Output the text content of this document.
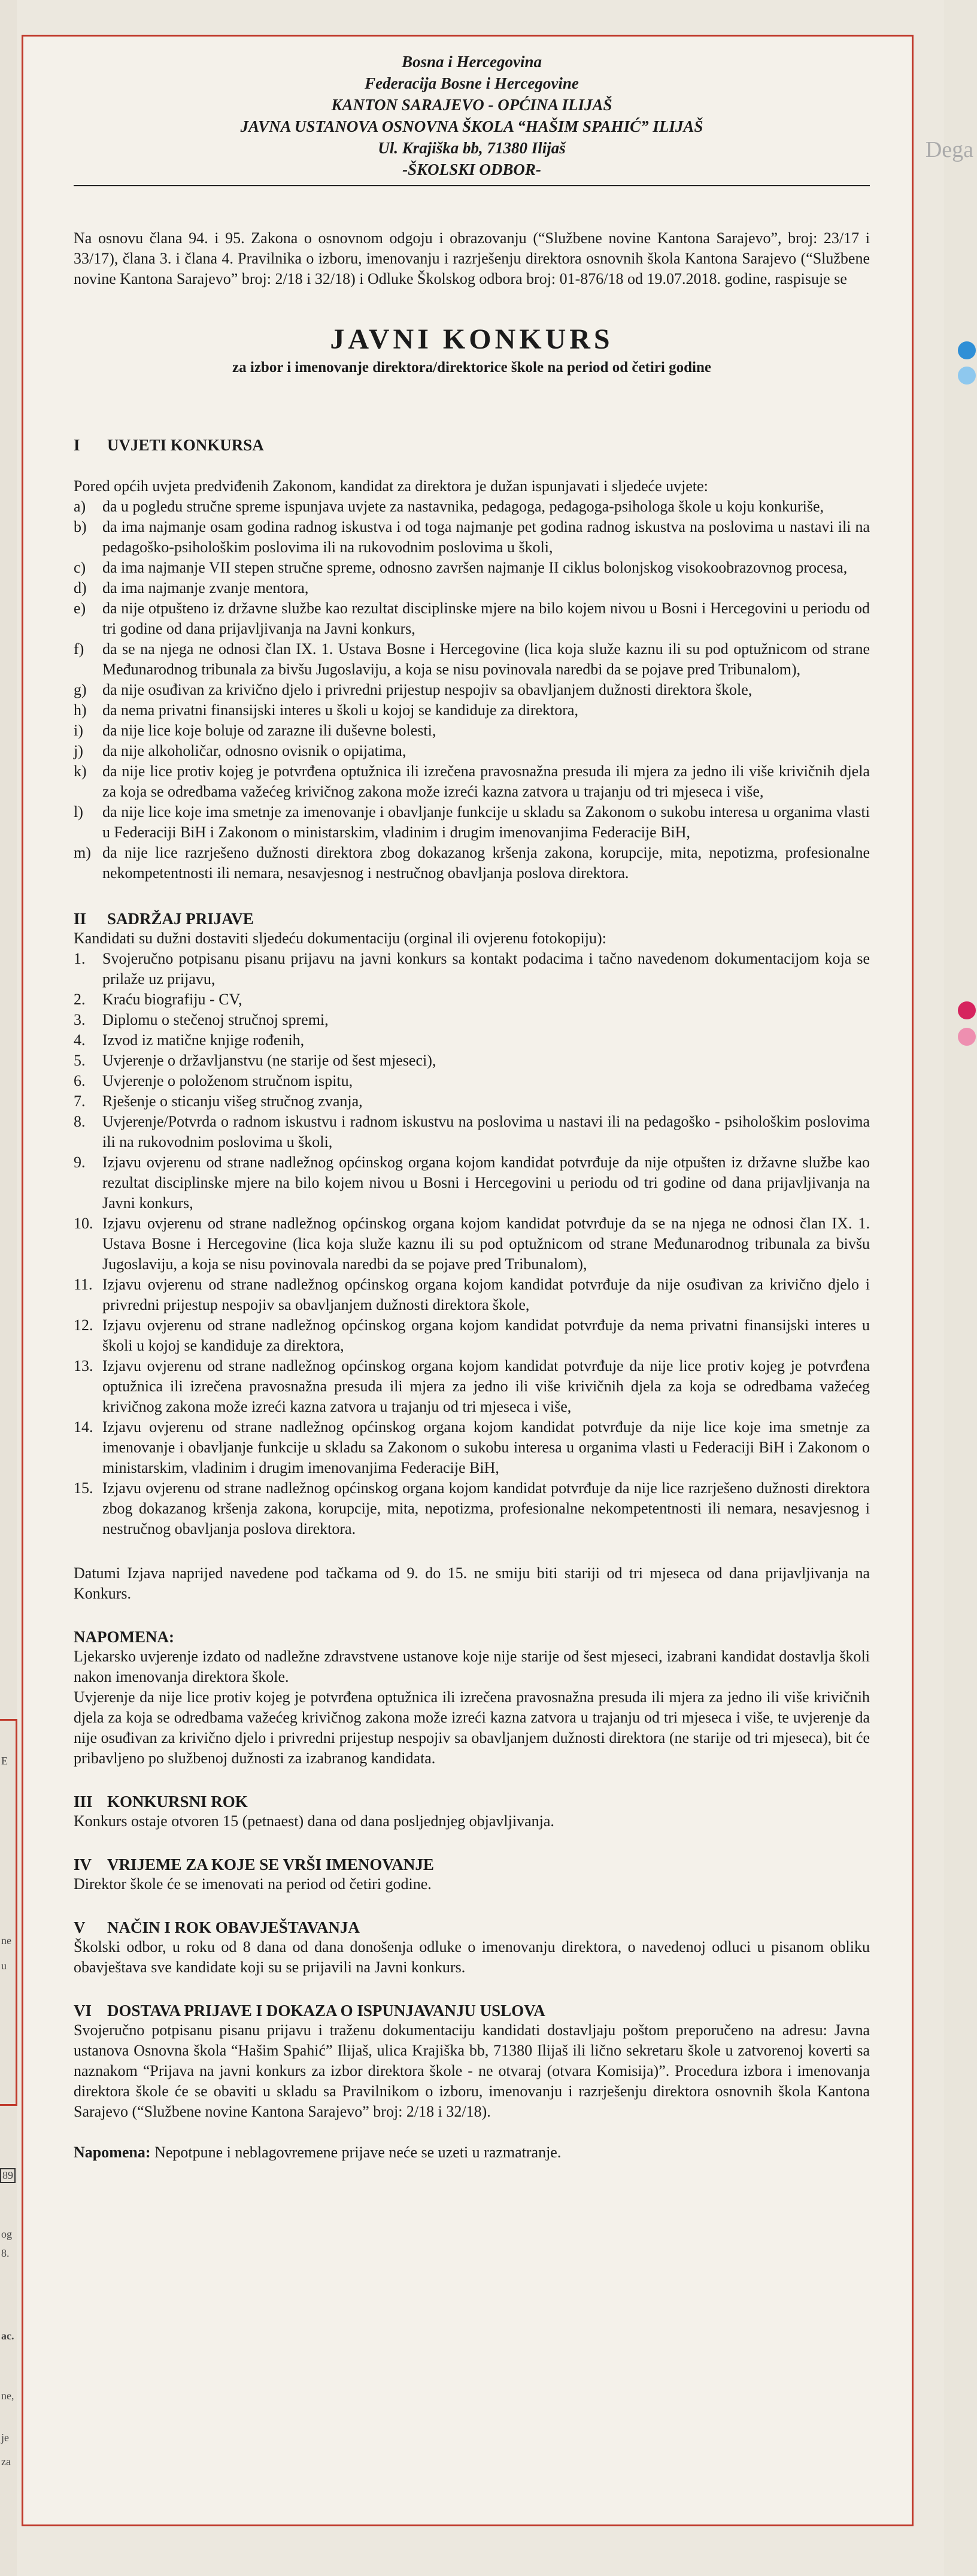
Dega
E
ne
u
89
og
8.
ac.
ne,
je
za
Bosna i Hercegovina
Federacija Bosne i Hercegovine
KANTON SARAJEVO - OPĆINA ILIJAŠ
JAVNA USTANOVA OSNOVNA ŠKOLA “HAŠIM SPAHIĆ” ILIJAŠ
Ul. Krajiška bb, 71380 Ilijaš
-ŠKOLSKI ODBOR-
Na osnovu člana 94. i 95. Zakona o osnovnom odgoju i obrazovanju (“Službene novine Kantona Sarajevo”, broj: 23/17 i 33/17), člana 3. i člana 4. Pravilnika o izboru, imenovanju i razrješenju direktora osnovnih škola Kantona Sarajevo (“Službene novine Kantona Sarajevo” broj: 2/18 i 32/18) i Odluke Školskog odbora broj: 01-876/18 od 19.07.2018. godine, raspisuje se
JAVNI KONKURS
za izbor i imenovanje direktora/direktorice škole na period od četiri godine
I UVJETI KONKURSA
Pored općih uvjeta predviđenih Zakonom, kandidat za direktora je dužan ispunjavati i sljedeće uvjete:
a) da u pogledu stručne spreme ispunjava uvjete za nastavnika, pedagoga, pedagoga-psihologa škole u koju konkuriše,
b) da ima najmanje osam godina radnog iskustva i od toga najmanje pet godina radnog iskustva na poslovima u nastavi ili na pedagoško-psihološkim poslovima ili na rukovodnim poslovima u školi,
c) da ima najmanje VII stepen stručne spreme, odnosno završen najmanje II ciklus bolonjskog visokoobrazovnog procesa,
d) da ima najmanje zvanje mentora,
e) da nije otpušteno iz državne službe kao rezultat disciplinske mjere na bilo kojem nivou u Bosni i Hercegovini u periodu od tri godine od dana prijavljivanja na Javni konkurs,
f) da se na njega ne odnosi član IX. 1. Ustava Bosne i Hercegovine (lica koja služe kaznu ili su pod optužnicom od strane Međunarodnog tribunala za bivšu Jugoslaviju, a koja se nisu povinovala naredbi da se pojave pred Tribunalom),
g) da nije osuđivan za krivično djelo i privredni prijestup nespojiv sa obavljanjem dužnosti direktora škole,
h) da nema privatni finansijski interes u školi u kojoj se kandiduje za direktora,
i) da nije lice koje boluje od zarazne ili duševne bolesti,
j) da nije alkoholičar, odnosno ovisnik o opijatima,
k) da nije lice protiv kojeg je potvrđena optužnica ili izrečena pravosnažna presuda ili mjera za jedno ili više krivičnih djela za koja se odredbama važećeg krivičnog zakona može izreći kazna zatvora u trajanju od tri mjeseca i više,
l) da nije lice koje ima smetnje za imenovanje i obavljanje funkcije u skladu sa Zakonom o sukobu interesa u organima vlasti u Federaciji BiH i Zakonom o ministarskim, vladinim i drugim imenovanjima Federacije BiH,
m) da nije lice razrješeno dužnosti direktora zbog dokazanog kršenja zakona, korupcije, mita, nepotizma, profesionalne nekompetentnosti ili nemara, nesavjesnog i nestručnog obavljanja poslova direktora.
II SADRŽAJ PRIJAVE
Kandidati su dužni dostaviti sljedeću dokumentaciju (orginal ili ovjerenu fotokopiju):
1. Svojeručno potpisanu pisanu prijavu na javni konkurs sa kontakt podacima i tačno navedenom dokumentacijom koja se prilaže uz prijavu,
2. Kraću biografiju - CV,
3. Diplomu o stečenoj stručnoj spremi,
4. Izvod iz matične knjige rođenih,
5. Uvjerenje o državljanstvu (ne starije od šest mjeseci),
6. Uvjerenje o položenom stručnom ispitu,
7. Rješenje o sticanju višeg stručnog zvanja,
8. Uvjerenje/Potvrda o radnom iskustvu i radnom iskustvu na poslovima u nastavi ili na pedagoško - psihološkim poslovima ili na rukovodnim poslovima u školi,
9. Izjavu ovjerenu od strane nadležnog općinskog organa kojom kandidat potvrđuje da nije otpušten iz državne službe kao rezultat disciplinske mjere na bilo kojem nivou u Bosni i Hercegovini u periodu od tri godine od dana prijavljivanja na Javni konkurs,
10. Izjavu ovjerenu od strane nadležnog općinskog organa kojom kandidat potvrđuje da se na njega ne odnosi član IX. 1. Ustava Bosne i Hercegovine (lica koja služe kaznu ili su pod optužnicom od strane Međunarodnog tribunala za bivšu Jugoslaviju, a koja se nisu povinovala naredbi da se pojave pred Tribunalom),
11. Izjavu ovjerenu od strane nadležnog općinskog organa kojom kandidat potvrđuje da nije osuđivan za krivično djelo i privredni prijestup nespojiv sa obavljanjem dužnosti direktora škole,
12. Izjavu ovjerenu od strane nadležnog općinskog organa kojom kandidat potvrđuje da nema privatni finansijski interes u školi u kojoj se kandiduje za direktora,
13. Izjavu ovjerenu od strane nadležnog općinskog organa kojom kandidat potvrđuje da nije lice protiv kojeg je potvrđena optužnica ili izrečena pravosnažna presuda ili mjera za jedno ili više krivičnih djela za koja se odredbama važećeg krivičnog zakona može izreći kazna zatvora u trajanju od tri mjeseca i više,
14. Izjavu ovjerenu od strane nadležnog općinskog organa kojom kandidat potvrđuje da nije lice koje ima smetnje za imenovanje i obavljanje funkcije u skladu sa Zakonom o sukobu interesa u organima vlasti u Federaciji BiH i Zakonom o ministarskim, vladinim i drugim imenovanjima Federacije BiH,
15. Izjavu ovjerenu od strane nadležnog općinskog organa kojom kandidat potvrđuje da nije lice razrješeno dužnosti direktora zbog dokazanog kršenja zakona, korupcije, mita, nepotizma, profesionalne nekompetentnosti ili nemara, nesavjesnog i nestručnog obavljanja poslova direktora.
Datumi Izjava naprijed navedene pod tačkama od 9. do 15. ne smiju biti stariji od tri mjeseca od dana prijavljivanja na Konkurs.
NAPOMENA:
Ljekarsko uvjerenje izdato od nadležne zdravstvene ustanove koje nije starije od šest mjeseci, izabrani kandidat dostavlja školi nakon imenovanja direktora škole.
Uvjerenje da nije lice protiv kojeg je potvrđena optužnica ili izrečena pravosnažna presuda ili mjera za jedno ili više krivičnih djela za koja se odredbama važećeg krivičnog zakona može izreći kazna zatvora u trajanju od tri mjeseca i više, te uvjerenje da nije osuđivan za krivično djelo i privredni prijestup nespojiv sa obavljanjem dužnosti direktora (ne starije od tri mjeseca), bit će pribavljeno po službenoj dužnosti za izabranog kandidata.
III KONKURSNI ROK
Konkurs ostaje otvoren 15 (petnaest) dana od dana posljednjeg objavljivanja.
IV VRIJEME ZA KOJE SE VRŠI IMENOVANJE
Direktor škole će se imenovati na period od četiri godine.
V NAČIN I ROK OBAVJEŠTAVANJA
Školski odbor, u roku od 8 dana od dana donošenja odluke o imenovanju direktora, o navedenoj odluci u pisanom obliku obavještava sve kandidate koji su se prijavili na Javni konkurs.
VI DOSTAVA PRIJAVE I DOKAZA O ISPUNJAVANJU USLOVA
Svojeručno potpisanu pisanu prijavu i traženu dokumentaciju kandidati dostavljaju poštom preporučeno na adresu: Javna ustanova Osnovna škola “Hašim Spahić” Ilijaš, ulica Krajiška bb, 71380 Ilijaš ili lično sekretaru škole u zatvorenoj koverti sa naznakom “Prijava na javni konkurs za izbor direktora škole - ne otvaraj (otvara Komisija)”. Procedura izbora i imenovanja direktora škole će se obaviti u skladu sa Pravilnikom o izboru, imenovanju i razrješenju direktora osnovnih škola Kantona Sarajevo (“Službene novine Kantona Sarajevo” broj: 2/18 i 32/18).
Napomena: Nepotpune i neblagovremene prijave neće se uzeti u razmatranje.
